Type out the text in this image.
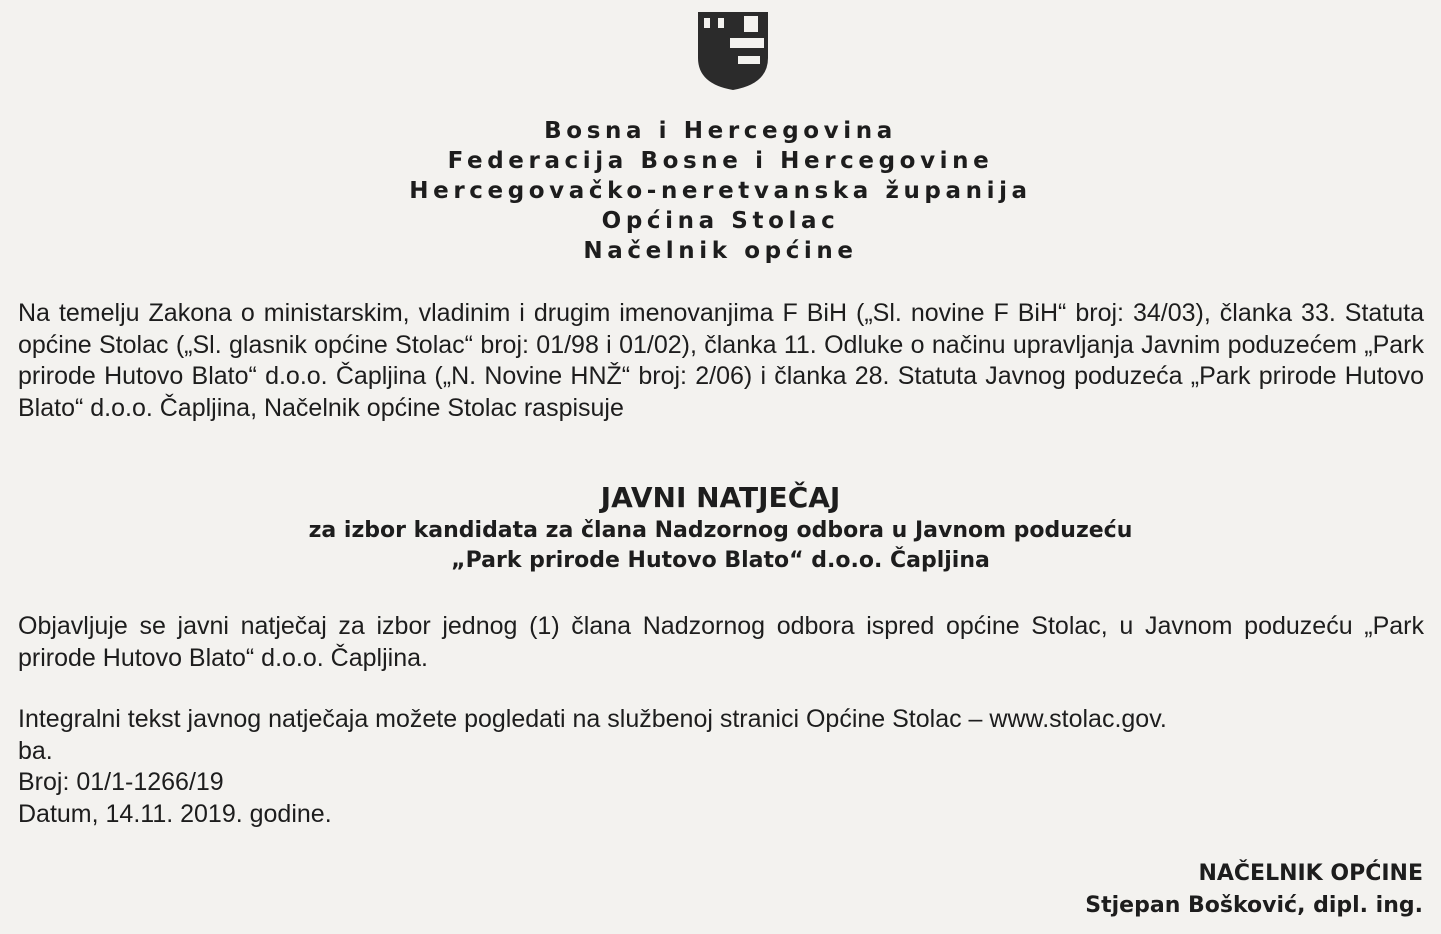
Bosna i Hercegovina
Federacija Bosne i Hercegovine
Hercegovačko-neretvanska županija
Općina Stolac
Načelnik općine
Na temelju Zakona o ministarskim, vladinim i drugim imenovanjima F BiH („Sl. novine F BiH“ broj: 34/03), članka 33. Statuta općine Stolac („Sl. glasnik općine Stolac“ broj: 01/98 i 01/02), članka 11. Odluke o načinu upravljanja Javnim poduzećem „Park prirode Hutovo Blato“ d.o.o. Čapljina („N. Novine HNŽ“ broj: 2/06) i članka 28. Statuta Javnog poduzeća „Park prirode Hutovo Blato“ d.o.o. Čapljina, Načelnik općine Stolac raspisuje
JAVNI NATJEČAJ
za izbor kandidata za člana Nadzornog odbora u Javnom poduzeću
„Park prirode Hutovo Blato“ d.o.o. Čapljina
Objavljuje se javni natječaj za izbor jednog (1) člana Nadzornog odbora ispred općine Stolac, u Javnom poduzeću „Park prirode Hutovo Blato“ d.o.o. Čapljina.
Integralni tekst javnog natječaja možete pogledati na službenoj stranici Općine Stolac – www.stolac.gov.
ba.
Broj: 01/1-1266/19
Datum, 14.11. 2019. godine.
NAČELNIK OPĆINE
Stjepan Bošković, dipl. ing.
